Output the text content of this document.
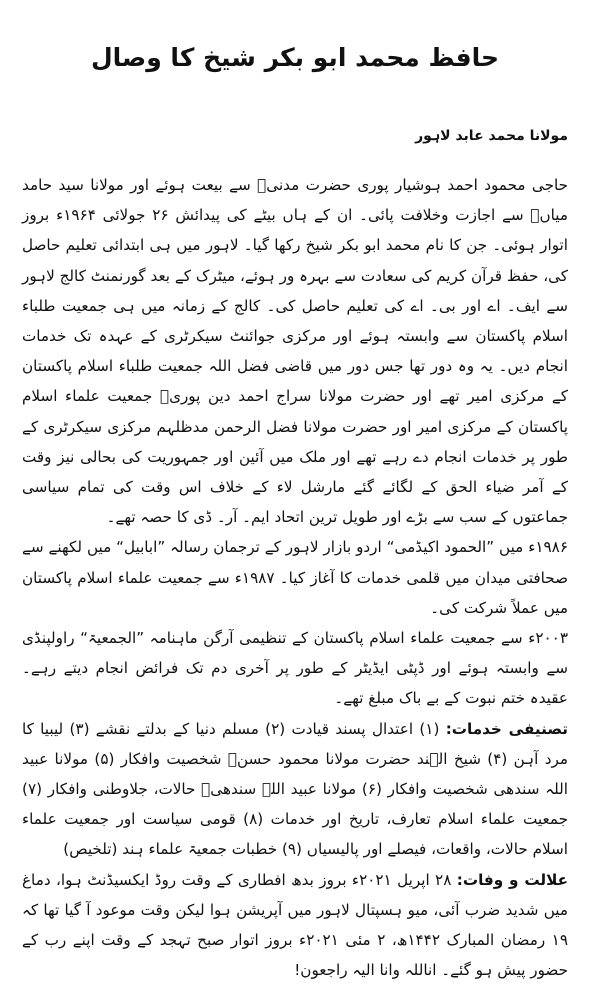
حافظ محمد ابو بکر شیخ کا وصال
مولانا محمد عابد لاہور

حاجی محمود احمد ہوشیار پوری حضرت مدنیؒ سے بیعت ہوئے اور مولانا سید حامد میاںؒ سے اجازت وخلافت پائی۔ ان کے ہاں بیٹے کی پیدائش ۲۶ جولائی ۱۹۶۴ء بروز اتوار ہوئی۔ جن کا نام محمد ابو بکر شیخ رکھا گیا۔ لاہور میں ہی ابتدائی تعلیم حاصل کی، حفظ قرآن کریم کی سعادت سے بہرہ ور ہوئے، میٹرک کے بعد گورنمنٹ کالج لاہور سے ایف۔ اے اور بی۔ اے کی تعلیم حاصل کی۔ کالج کے زمانہ میں ہی جمعیت طلباء اسلام پاکستان سے وابستہ ہوئے اور مرکزی جوائنٹ سیکرٹری کے عہدہ تک خدمات انجام دیں۔ یہ وہ دور تھا جس دور میں قاضی فضل اللہ جمعیت طلباء اسلام پاکستان کے مرکزی امیر تھے اور حضرت مولانا سراج احمد دین پوریؒ جمعیت علماء اسلام پاکستان کے مرکزی امیر اور حضرت مولانا فضل الرحمن مدظلہم مرکزی سیکرٹری کے طور پر خدمات انجام دے رہے تھے اور ملک میں آئین اور جمہوریت کی بحالی نیز وقت کے آمر ضیاء الحق کے لگائے گئے مارشل لاء کے خلاف اس وقت کی تمام سیاسی جماعتوں کے سب سے بڑے اور طویل ترین اتحاد ایم۔ آر۔ ڈی کا حصہ تھے۔

۱۹۸۶ء میں ”الحمود اکیڈمی“ اردو بازار لاہور کے ترجمان رسالہ ”ابابیل“ میں لکھنے سے صحافتی میدان میں قلمی خدمات کا آغاز کیا۔ ۱۹۸۷ء سے جمعیت علماء اسلام پاکستان میں عملاً شرکت کی۔

۲۰۰۳ء سے جمعیت علماء اسلام پاکستان کے تنظیمی آرگن ماہنامہ ”الجمعیۃ“ راولپنڈی سے وابستہ ہوئے اور ڈپٹی ایڈیٹر کے طور پر آخری دم تک فرائض انجام دیتے رہے۔ عقیدہ ختم نبوت کے بے باک مبلغ تھے۔

تصنیفی خدمات: (۱) اعتدال پسند قیادت (۲) مسلم دنیا کے بدلتے نقشے (۳) لیبیا کا مرد آہن (۴) شیخ الہند حضرت مولانا محمود حسنؒ شخصیت وافکار (۵) مولانا عبید اللہ سندھی شخصیت وافکار (۶) مولانا عبید اللہ سندھیؒ حالات، جلاوطنی وافکار (۷) جمعیت علماء اسلام تعارف، تاریخ اور خدمات (۸) قومی سیاست اور جمعیت علماء اسلام حالات، واقعات، فیصلے اور پالیسیاں (۹) خطبات جمعیۃ علماء ہند (تلخیص)

علالت و وفات: ۲۸ اپریل ۲۰۲۱ء بروز بدھ افطاری کے وقت روڈ ایکسیڈنٹ ہوا، دماغ میں شدید ضرب آئی، میو ہسپتال لاہور میں آپریشن ہوا لیکن وقت موعود آ گیا تھا کہ ۱۹ رمضان المبارک ۱۴۴۲ھ، ۲ مئی ۲۰۲۱ء بروز اتوار صبح تہجد کے وقت اپنے رب کے حضور پیش ہو گئے۔ اناللہ وانا الیہ راجعون!
